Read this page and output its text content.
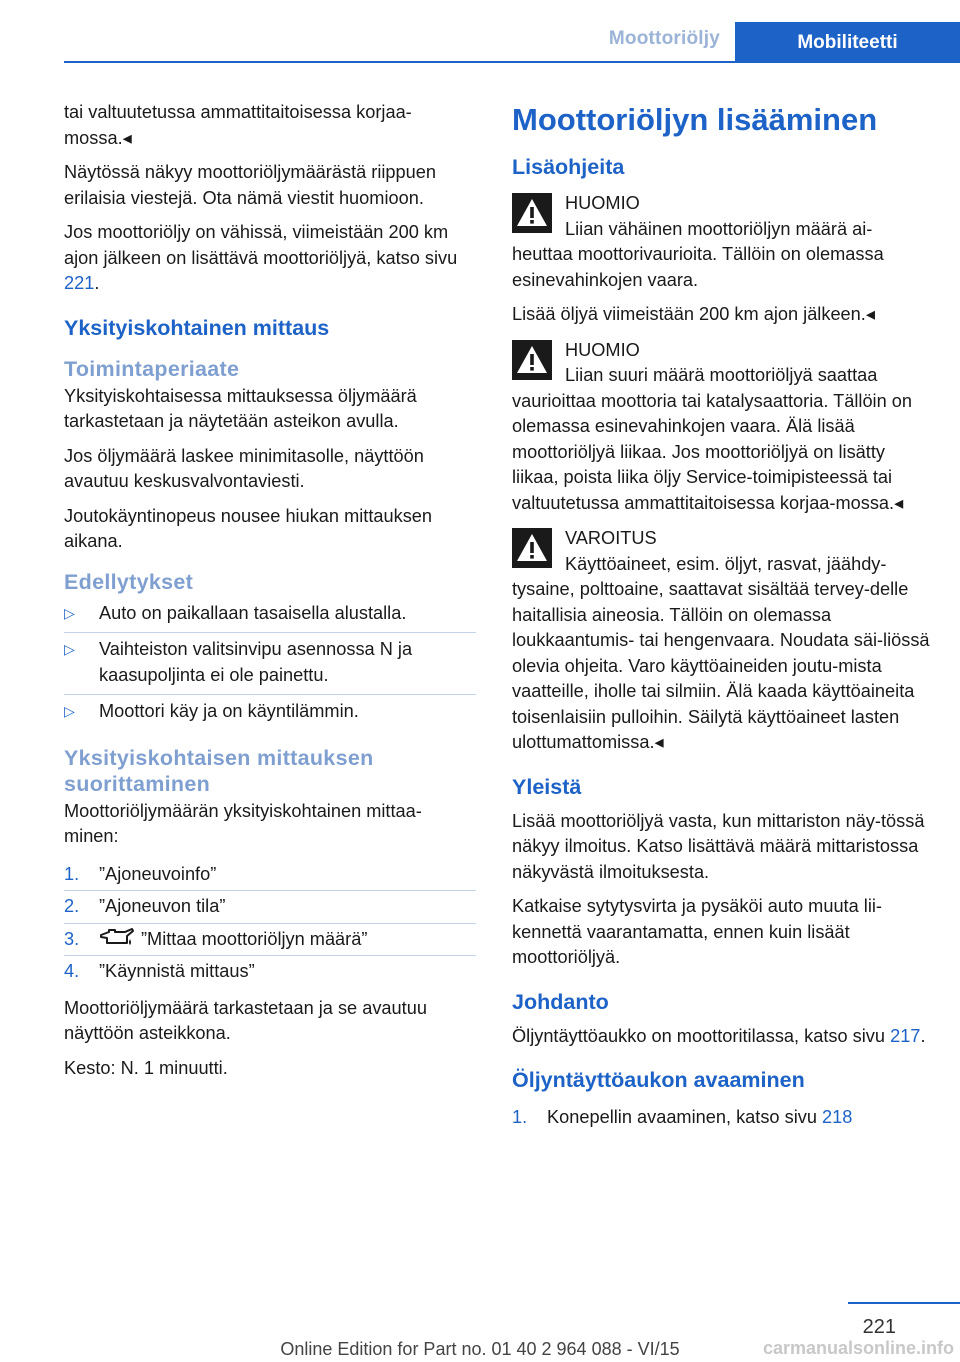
Moottoriöljy	Mobiliteetti

tai valtuutetussa ammattitaitoisessa korjaa‐mossa.◂

Näytössä näkyy moottoriöljymäärästä riippuen erilaisia viestejä. Ota nämä viestit huomioon.

Jos moottoriöljy on vähissä, viimeistään 200 km ajon jälkeen on lisättävä moottoriöljyä, katso sivu 221.

Yksityiskohtainen mittaus
Toimintaperiaate

Yksityiskohtaisessa mittauksessa öljymäärä tarkastetaan ja näytetään asteikon avulla.

Jos öljymäärä laskee minimitasolle, näyttöön avautuu keskusvalvontaviesti.

Joutokäyntinopeus nousee hiukan mittauksen aikana.

Edellytykset
▷ Auto on paikallaan tasaisella alustalla.
▷ Vaihteiston valitsinvipu asennossa N ja kaasupoljinta ei ole painettu.
▷ Moottori käy ja on käyntilämmin.
Yksityiskohtaisen mittauksen suorittaminen

Moottoriöljymäärän yksityiskohtainen mittaa‐minen:

1. ”Ajoneuvoinfo”
2. ”Ajoneuvon tila”
3.	”Mittaa moottoriöljyn määrä”
4. ”Käynnistä mittaus”

Moottoriöljymäärä tarkastetaan ja se avautuu näyttöön asteikkona.

Kesto: N. 1 minuutti.

Moottoriöljyn lisääminen
Lisäohjeita
HUOMIO
Liian vähäinen moottoriöljyn määrä ai‐heuttaa moottorivaurioita. Tällöin on olemassa esinevahinkojen vaara.

Lisää öljyä viimeistään 200 km ajon jälkeen.◂

HUOMIO
Liian suuri määrä moottoriöljyä saattaa vaurioittaa moottoria tai katalysaattoria. Tällöin on olemassa esinevahinkojen vaara. Älä lisää moottoriöljyä liikaa. Jos moottoriöljyä on lisätty liikaa, poista liika öljy Service-toimipisteessä tai valtuutetussa ammattitaitoisessa korjaa‐mossa.◂
VAROITUS
Käyttöaineet, esim. öljyt, rasvat, jäähdy‐tysaine, polttoaine, saattavat sisältää tervey‐delle haitallisia aineosia. Tällöin on olemassa loukkaantumis- tai hengenvaara. Noudata säi‐liössä olevia ohjeita. Varo käyttöaineiden joutu‐mista vaatteille, iholle tai silmiin. Älä kaada käyttöaineita toisenlaisiin pulloihin. Säilytä käyttöaineet lasten ulottumattomissa.◂
Yleistä

Lisää moottoriöljyä vasta, kun mittariston näy‐tössä näkyy ilmoitus. Katso lisättävä määrä mittaristossa näkyvästä ilmoituksesta.

Katkaise sytytysvirta ja pysäköi auto muuta lii‐kennettä vaarantamatta, ennen kuin lisäät moottoriöljyä.

Johdanto

Öljyntäyttöaukko on moottoritilassa, katso sivu 217.

Öljyntäyttöaukon avaaminen
1. Konepellin avaaminen, katso sivu 218
221
Online Edition for Part no. 01 40 2 964 088 - VI/15	carmanualsonline.info
